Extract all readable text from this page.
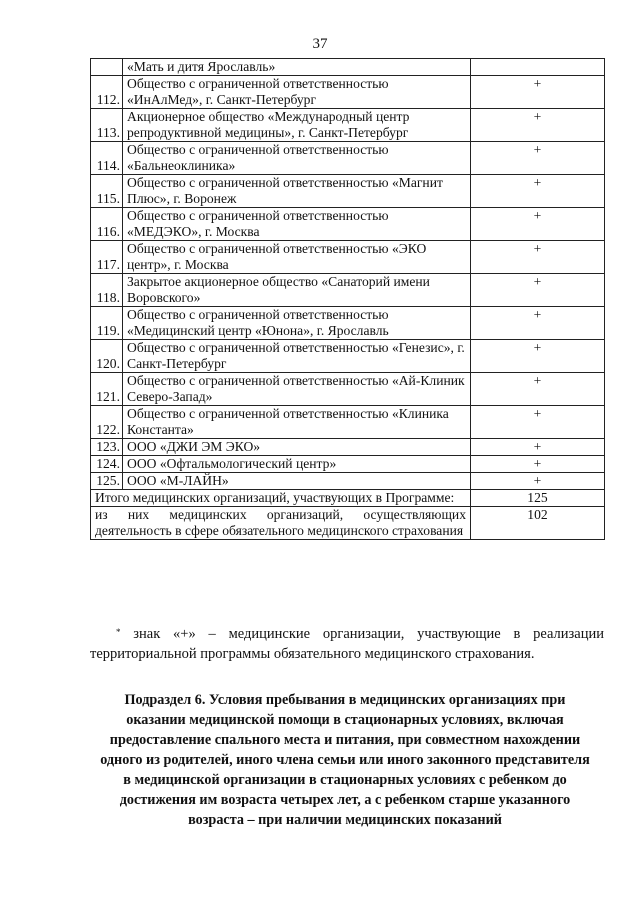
37
	«Мать и дитя Ярославль»	
112.	Общество с ограниченной ответственностью «ИнАлМед», г. Санкт-Петербург	+
113.	Акционерное общество «Международный центр репродуктивной медицины», г. Санкт-Петербург	+
114.	Общество с ограниченной ответственностью «Бальнеоклиника»	+
115.	Общество с ограниченной ответственностью «Магнит Плюс», г. Воронеж	+
116.	Общество с ограниченной ответственностью «МЕДЭКО», г. Москва	+
117.	Общество с ограниченной ответственностью «ЭКО центр», г. Москва	+
118.	Закрытое акционерное общество «Санаторий имени Воровского»	+
119.	Общество с ограниченной ответственностью «Медицинский центр «Юнона», г. Ярославль	+
120.	Общество с ограниченной ответственностью «Генезис», г. Санкт-Петербург	+
121.	Общество с ограниченной ответственностью «Ай-Клиник Северо-Запад»	+
122.	Общество с ограниченной ответственностью «Клиника Константа»	+
123.	ООО «ДЖИ ЭМ ЭКО»	+
124.	ООО «Офтальмологический центр»	+
125.	ООО «М-ЛАЙН»	+
Итого медицинских организаций, участвующих в Программе:		125
из них медицинских организаций, осуществляющих деятельность в сфере обязательного медицинского страхования		102
* знак «+» – медицинские организации, участвующие в реализации территориальной программы обязательного медицинского страхования.
Подраздел 6. Условия пребывания в медицинских организациях при оказании медицинской помощи в стационарных условиях, включая предоставление спального места и питания, при совместном нахождении одного из родителей, иного члена семьи или иного законного представителя в медицинской организации в стационарных условиях с ребенком до достижения им возраста четырех лет, а с ребенком старше указанного возраста – при наличии медицинских показаний
